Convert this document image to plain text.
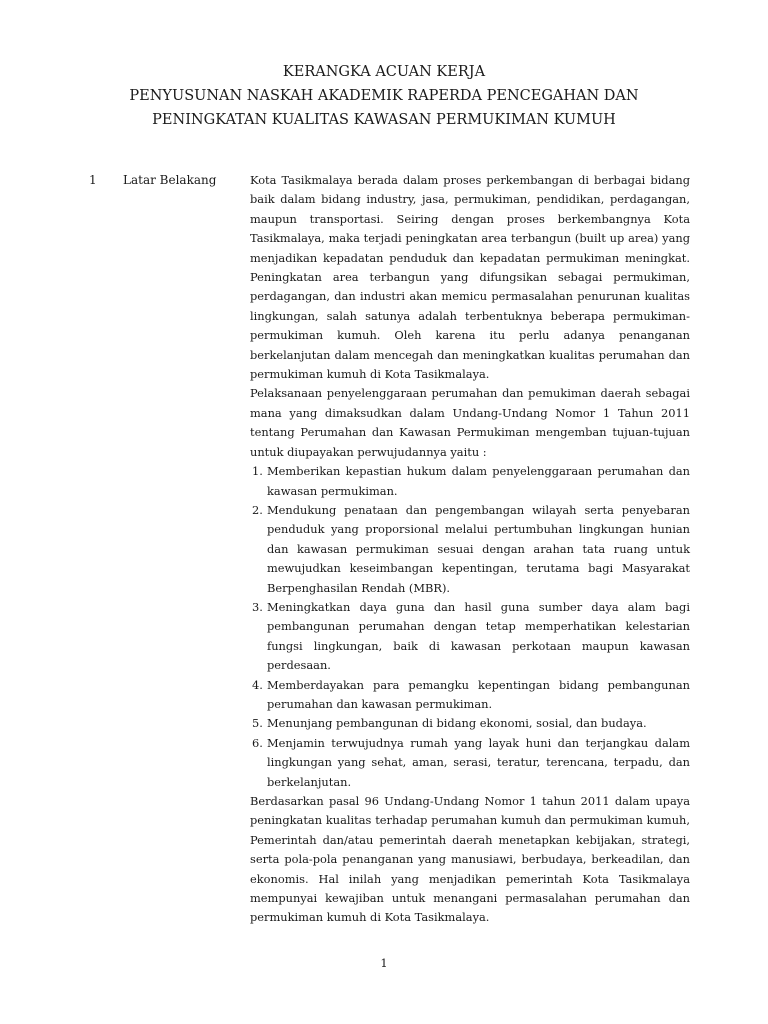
KERANGKA ACUAN KERJA
PENYUSUNAN NASKAH AKADEMIK RAPERDA PENCEGAHAN DAN
PENINGKATAN KUALITAS KAWASAN PERMUKIMAN KUMUH
1 Latar Belakang	Kota Tasikmalaya berada dalam proses perkembangan di berbagai bidang baik dalam bidang industry, jasa, permukiman, pendidikan, perdagangan, maupun transportasi. Seiring dengan proses berkembangnya Kota Tasikmalaya, maka terjadi peningkatan area terbangun (built up area) yang menjadikan kepadatan penduduk dan kepadatan permukiman meningkat. Peningkatan area terbangun yang difungsikan sebagai permukiman, perdagangan, dan industri akan memicu permasalahan penurunan kualitas lingkungan, salah satunya adalah terbentuknya beberapa permukiman-permukiman kumuh. Oleh karena itu perlu adanya penanganan berkelanjutan dalam mencegah dan meningkatkan kualitas perumahan dan permukiman kumuh di Kota Tasikmalaya.

Pelaksanaan penyelenggaraan perumahan dan pemukiman daerah sebagai mana yang dimaksudkan dalam Undang-Undang Nomor 1 Tahun 2011 tentang Perumahan dan Kawasan Permukiman mengemban tujuan-tujuan untuk diupayakan perwujudannya yaitu :

1. Memberikan kepastian hukum dalam penyelenggaraan perumahan dan kawasan permukiman.
2. Mendukung penataan dan pengembangan wilayah serta penyebaran penduduk yang proporsional melalui pertumbuhan lingkungan hunian dan kawasan permukiman sesuai dengan arahan tata ruang untuk mewujudkan keseimbangan kepentingan, terutama bagi Masyarakat Berpenghasilan Rendah (MBR).
3. Meningkatkan daya guna dan hasil guna sumber daya alam bagi pembangunan perumahan dengan tetap memperhatikan kelestarian fungsi lingkungan, baik di kawasan perkotaan maupun kawasan perdesaan.
4. Memberdayakan para pemangku kepentingan bidang pembangunan perumahan dan kawasan permukiman.
5. Menunjang pembangunan di bidang ekonomi, sosial, dan budaya.
6. Menjamin terwujudnya rumah yang layak huni dan terjangkau dalam lingkungan yang sehat, aman, serasi, teratur, terencana, terpadu, dan berkelanjutan.

Berdasarkan pasal 96 Undang-Undang Nomor 1 tahun 2011 dalam upaya peningkatan kualitas terhadap perumahan kumuh dan permukiman kumuh, Pemerintah dan/atau pemerintah daerah menetapkan kebijakan, strategi, serta pola-pola penanganan yang manusiawi, berbudaya, berkeadilan, dan ekonomis. Hal inilah yang menjadikan pemerintah Kota Tasikmalaya mempunyai kewajiban untuk menangani permasalahan perumahan dan permukiman kumuh di Kota Tasikmalaya.

1
